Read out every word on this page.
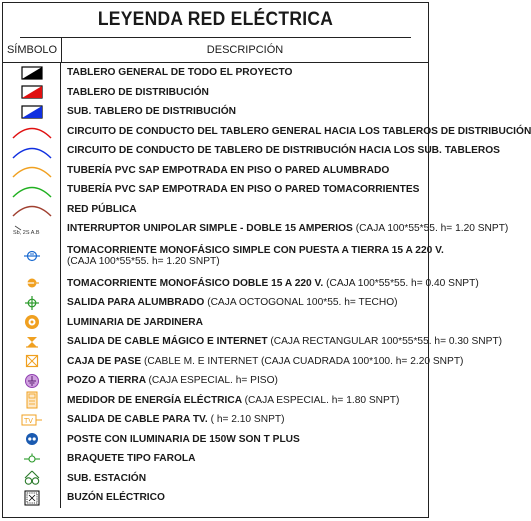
LEYENDA RED ELÉCTRICA
SÍMBOLO	DESCRIPCIÓN
TABLERO GENERAL DE TODO EL PROYECTO
TABLERO DE DISTRIBUCIÓN
SUB. TABLERO DE DISTRIBUCIÓN
CIRCUITO DE CONDUCTO DEL TABLERO GENERAL HACIA LOS TABLEROS DE DISTRIBUCIÓN
CIRCUITO DE CONDUCTO DE TABLERO DE DISTRIBUCIÓN HACIA LOS SUB. TABLEROS
TUBERÍA PVC SAP EMPOTRADA EN PISO O PARED ALUMBRADO
TUBERÍA PVC SAP EMPOTRADA EN PISO O PARED TOMACORRIENTES
RED PÚBLICA
Sb, 2S A.B	INTERRUPTOR UNIPOLAR SIMPLE - DOBLE 15 AMPERIOS (CAJA 100*55*55. h= 1.20 SNPT)
TOMACORRIENTE MONOFÁSICO SIMPLE CON PUESTA A TIERRA 15 A 220 V.
(CAJA 100*55*55. h= 1.20 SNPT)
TOMACORRIENTE MONOFÁSICO DOBLE 15 A 220 V. (CAJA 100*55*55. h= 0.40 SNPT)
SALIDA PARA ALUMBRADO (CAJA OCTOGONAL 100*55. h= TECHO)
LUMINARIA DE JARDINERA
SALIDA DE CABLE MÁGICO E INTERNET (CAJA RECTANGULAR 100*55*55. h= 0.30 SNPT)
CAJA DE PASE (CABLE M. E INTERNET (CAJA CUADRADA 100*100. h= 2.20 SNPT)
POZO A TIERRA (CAJA ESPECIAL. h= PISO)
MEDIDOR DE ENERGÍA ELÉCTRICA (CAJA ESPECIAL. h= 1.80 SNPT)
TV	SALIDA DE CABLE PARA TV. ( h= 2.10 SNPT)
POSTE CON ILUMINARIA DE 150W SON T PLUS
BRAQUETE TIPO FAROLA
SUB. ESTACIÓN
BUZÓN ELÉCTRICO
